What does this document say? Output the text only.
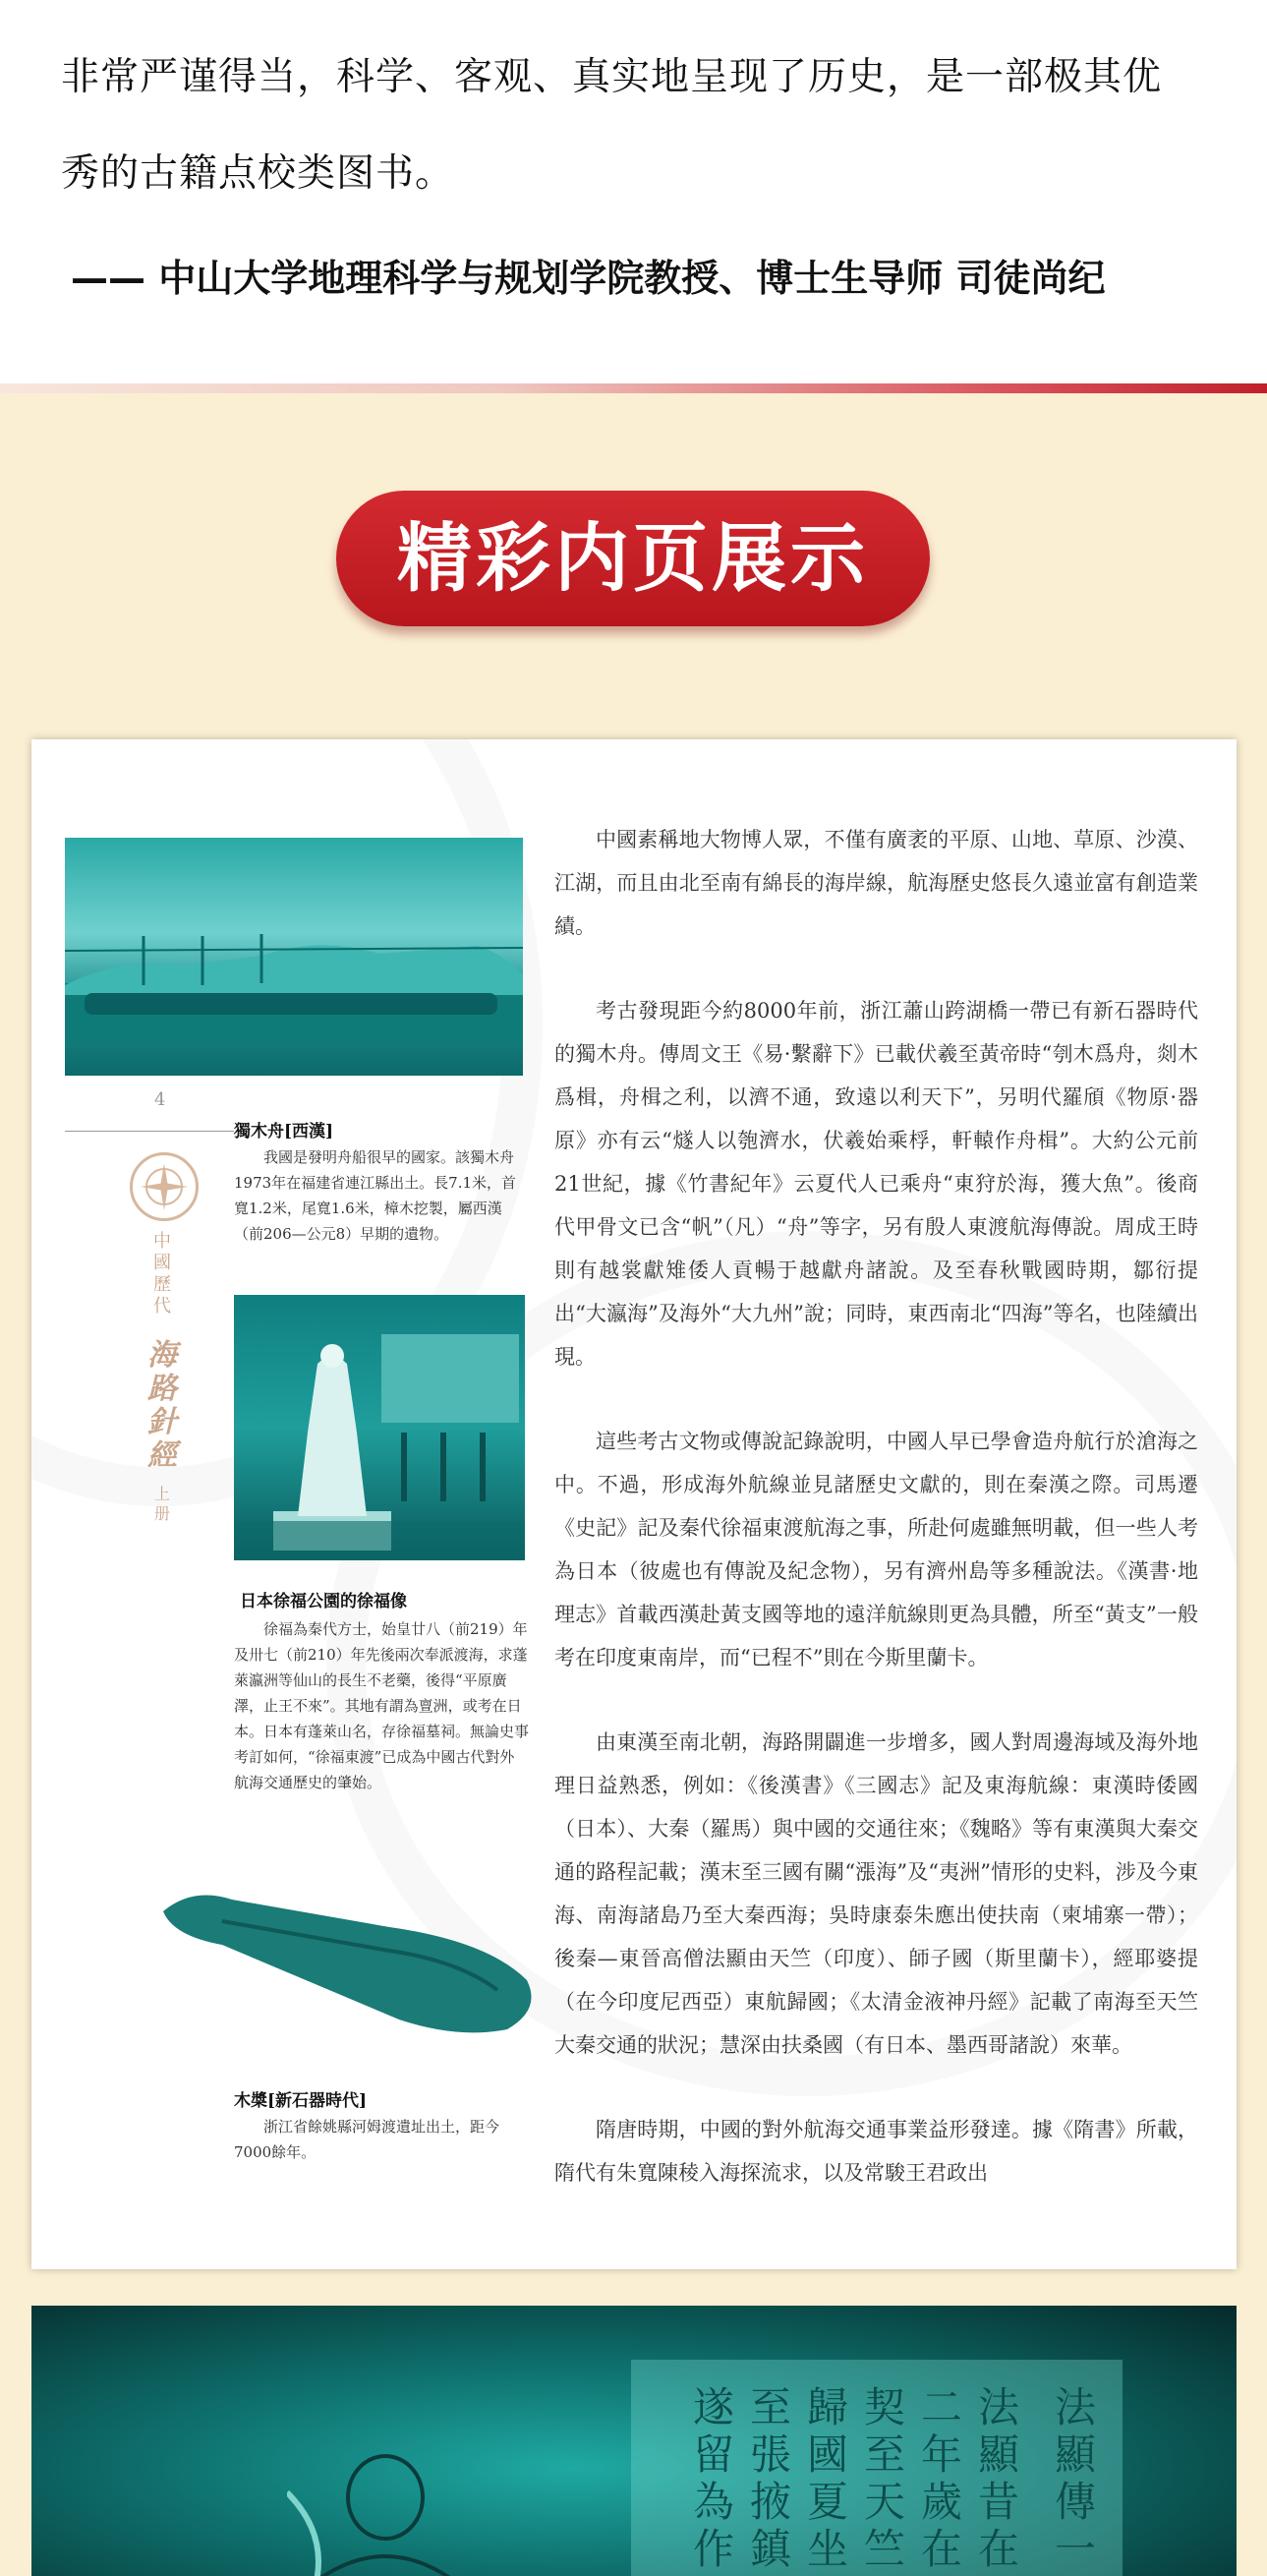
非常严谨得当，科学、客观、真实地呈现了历史，是一部极其优
秀的古籍点校类图书。
—— 中山大学地理科学与规划学院教授、博士生导师 司徒尚纪
精彩内页展示
4
中國歷代
海路針經
上册
獨木舟[西漢]
我國是發明舟船很早的國家。該獨木舟1973年在福建省連江縣出土。長7.1米，首寬1.2米，尾寬1.6米，樟木挖製，屬西漢（前206—公元8）早期的遺物。
日本徐福公園的徐福像
徐福為秦代方士，始皇廿八（前219）年及卅七（前210）年先後兩次奉派渡海，求蓬萊瀛洲等仙山的長生不老藥，後得“平原廣澤，止王不來”。其地有謂為亶洲，或考在日本。日本有蓬萊山名，存徐福墓祠。無論史事考訂如何，“徐福東渡”已成為中國古代對外航海交通歷史的肇始。
木槳[新石器時代]
浙江省餘姚縣河姆渡遺址出土，距今7000餘年。

中國素稱地大物博人眾，不僅有廣袤的平原、山地、草原、沙漠、江湖，而且由北至南有綿長的海岸線，航海歷史悠長久遠並富有創造業績。

考古發現距今約8000年前，浙江蕭山跨湖橋一帶已有新石器時代的獨木舟。傳周文王《易·繫辭下》已載伏羲至黃帝時“刳木爲舟，剡木爲楫，舟楫之利，以濟不通，致遠以利天下”，另明代羅頎《物原·器原》亦有云“燧人以匏濟水，伏羲始乘桴，軒轅作舟楫”。大約公元前21世紀，據《竹書紀年》云夏代人已乘舟“東狩於海，獲大魚”。後商代甲骨文已含“帆”（凡）“舟”等字，另有殷人東渡航海傳說。周成王時則有越裳獻雉倭人貢暢于越獻舟諸說。及至春秋戰國時期，鄒衍提出“大瀛海”及海外“大九州”說；同時，東西南北“四海”等名，也陸續出現。

這些考古文物或傳說記錄說明，中國人早已學會造舟航行於滄海之中。不過，形成海外航線並見諸歷史文獻的，則在秦漢之際。司馬遷《史記》記及秦代徐福東渡航海之事，所赴何處雖無明載，但一些人考為日本（彼處也有傳說及紀念物），另有濟州島等多種說法。《漢書·地理志》首載西漢赴黃支國等地的遠洋航線則更為具體，所至“黃支”一般考在印度東南岸，而“已程不”則在今斯里蘭卡。

由東漢至南北朝，海路開闢進一步增多，國人對周邊海域及海外地理日益熟悉，例如：《後漢書》《三國志》記及東海航線：東漢時倭國（日本）、大秦（羅馬）與中國的交通往來；《魏略》等有東漢與大秦交通的路程記載；漢末至三國有關“漲海”及“夷洲”情形的史料，涉及今東海、南海諸島乃至大秦西海；吳時康泰朱應出使扶南（柬埔寨一帶）；後秦—東晉高僧法顯由天竺（印度）、師子國（斯里蘭卡），經耶婆提（在今印度尼西亞）東航歸國；《太清金液神丹經》記載了南海至天竺大秦交通的狀況；慧深由扶桑國（有日本、墨西哥諸說）來華。

隋唐時期，中國的對外航海交通事業益形發達。據《隋書》所載，隋代有朱寬陳稜入海探流求，以及常駿王君政出

法顯傳一
法顯昔在
二年歲在
契至天竺
歸國夏坐
至張掖鎮
遂留為作
